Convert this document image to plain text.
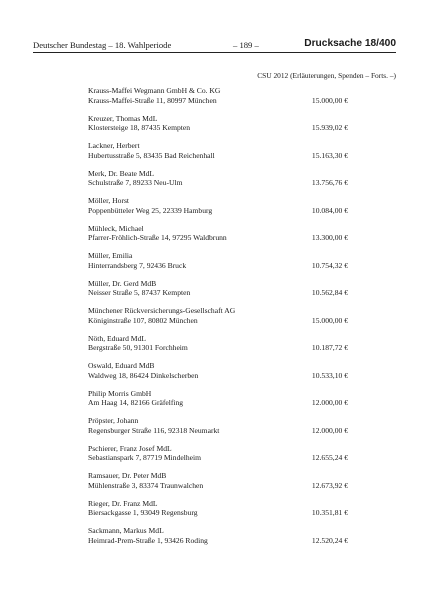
Deutscher Bundestag – 18. Wahlperiode	– 189 –	Drucksache 18/400
CSU 2012 (Erläuterungen, Spenden – Forts. –)
Krauss-Maffei Wegmann GmbH & Co. KG
Krauss-Maffei-Straße 11, 80997 München	15.000,00 €
Kreuzer, Thomas MdL
Klostersteige 18, 87435 Kempten	15.939,02 €
Lackner, Herbert
Hubertusstraße 5, 83435 Bad Reichenhall	15.163,30 €
Merk, Dr. Beate MdL
Schulstraße 7, 89233 Neu-Ulm	13.756,76 €
Möller, Horst
Poppenbütteler Weg 25, 22339 Hamburg	10.084,00 €
Mühleck, Michael
Pfarrer-Fröhlich-Straße 14, 97295 Waldbrunn	13.300,00 €
Müller, Emilia
Hinterrandsberg 7, 92436 Bruck	10.754,32 €
Müller, Dr. Gerd MdB
Neisser Straße 5, 87437 Kempten	10.562,84 €
Münchener Rückversicherungs-Gesellschaft AG
Königinstraße 107, 80802 München	15.000,00 €
Nöth, Eduard MdL
Bergstraße 50, 91301 Forchheim	10.187,72 €
Oswald, Eduard MdB
Waldweg 18, 86424 Dinkelscherben	10.533,10 €
Philip Morris GmbH
Am Haag 14, 82166 Gräfelfing	12.000,00 €
Pröpster, Johann
Regensburger Straße 116, 92318 Neumarkt	12.000,00 €
Pschierer, Franz Josef MdL
Sebastianspark 7, 87719 Mindelheim	12.655,24 €
Ramsauer, Dr. Peter MdB
Mühlenstraße 3, 83374 Traunwalchen	12.673,92 €
Rieger, Dr. Franz MdL
Biersackgasse 1, 93049 Regensburg	10.351,81 €
Sackmann, Markus MdL
Heimrad-Prem-Straße 1, 93426 Roding	12.520,24 €
